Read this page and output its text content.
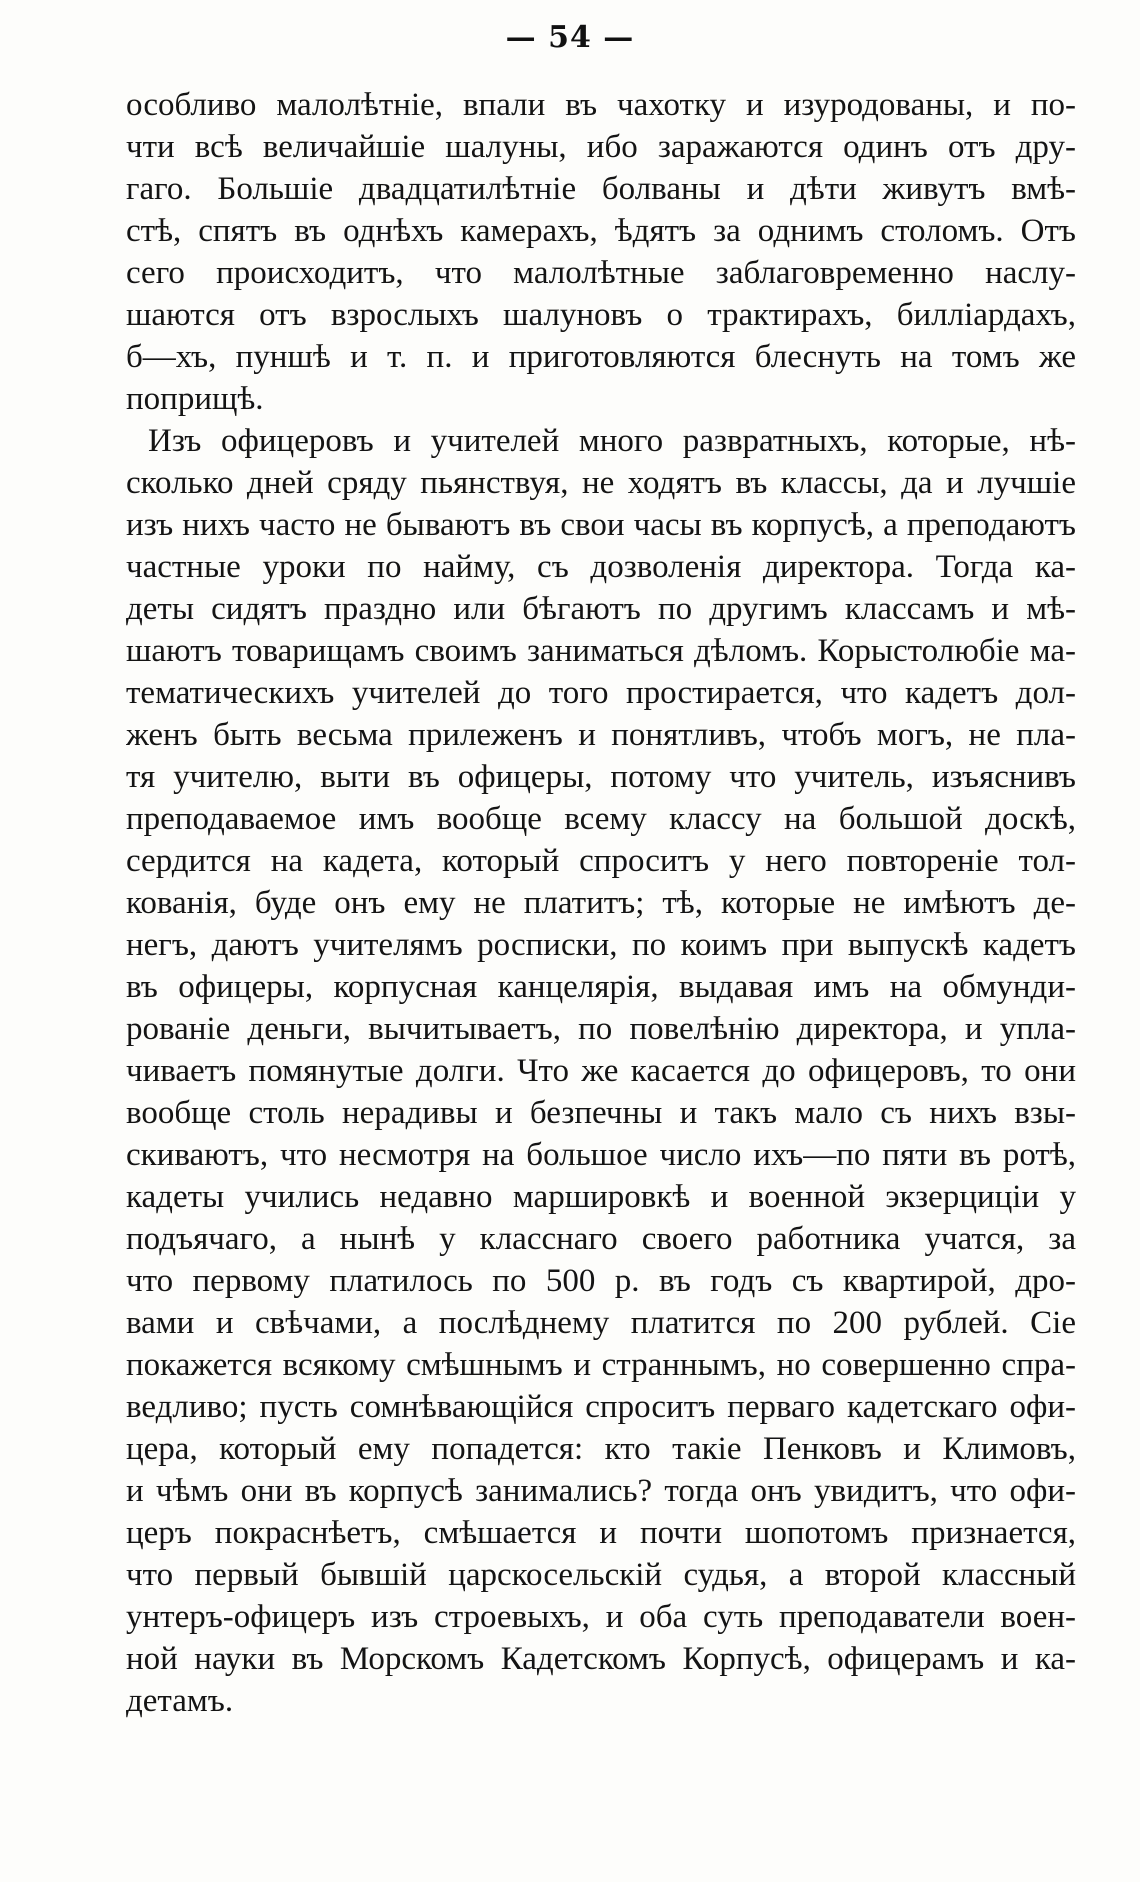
— 54 —
особливо малолѣтніе, впали въ чахотку и изуродованы, и по-
чти всѣ величайшіе шалуны, ибо заражаются одинъ отъ дру-
гаго. Большіе двадцатилѣтніе болваны и дѣти живутъ вмѣ-
стѣ, спятъ въ однѣхъ камерахъ, ѣдятъ за однимъ столомъ. Отъ
сего происходитъ, что малолѣтные заблаговременно наслу-
шаются отъ взрослыхъ шалуновъ о трактирахъ, билліардахъ,
б—хъ, пуншѣ и т. п. и приготовляются блеснуть на томъ же
поприщѣ.
Изъ офицеровъ и учителей много развратныхъ, которые, нѣ-
сколько дней сряду пьянствуя, не ходятъ въ классы, да и лучшіе
изъ нихъ часто не бываютъ въ свои часы въ корпусѣ, а преподаютъ
частные уроки по найму, съ дозволенія директора. Тогда ка-
деты сидятъ праздно или бѣгаютъ по другимъ классамъ и мѣ-
шаютъ товарищамъ своимъ заниматься дѣломъ. Корыстолюбіе ма-
тематическихъ учителей до того простирается, что кадетъ дол-
женъ быть весьма прилеженъ и понятливъ, чтобъ могъ, не пла-
тя учителю, выти въ офицеры, потому что учитель, изъяснивъ
преподаваемое имъ вообще всему классу на большой доскѣ,
сердится на кадета, который спроситъ у него повтореніе тол-
кованія, буде онъ ему не платитъ; тѣ, которые не имѣютъ де-
негъ, даютъ учителямъ росписки, по коимъ при выпускѣ кадетъ
въ офицеры, корпусная канцелярія, выдавая имъ на обмунди-
рованіе деньги, вычитываетъ, по повелѣнію директора, и упла-
чиваетъ помянутые долги. Что же касается до офицеровъ, то они
вообще столь нерадивы и безпечны и такъ мало съ нихъ взы-
скиваютъ, что несмотря на большое число ихъ—по пяти въ ротѣ,
кадеты учились недавно маршировкѣ и военной экзерциціи у
подъячаго, а нынѣ у класснаго своего работника учатся, за
что первому платилось по 500 р. въ годъ съ квартирой, дро-
вами и свѣчами, а послѣднему платится по 200 рублей. Сіе
покажется всякому смѣшнымъ и страннымъ, но совершенно спра-
ведливо; пусть сомнѣвающійся спроситъ перваго кадетскаго офи-
цера, который ему попадется: кто такіе Пенковъ и Климовъ,
и чѣмъ они въ корпусѣ занимались? тогда онъ увидитъ, что офи-
церъ покраснѣетъ, смѣшается и почти шопотомъ признается,
что первый бывшій царскосельскій судья, а второй классный
унтеръ-офицеръ изъ строевыхъ, и оба суть преподаватели воен-
ной науки въ Морскомъ Кадетскомъ Корпусѣ, офицерамъ и ка-
детамъ.
